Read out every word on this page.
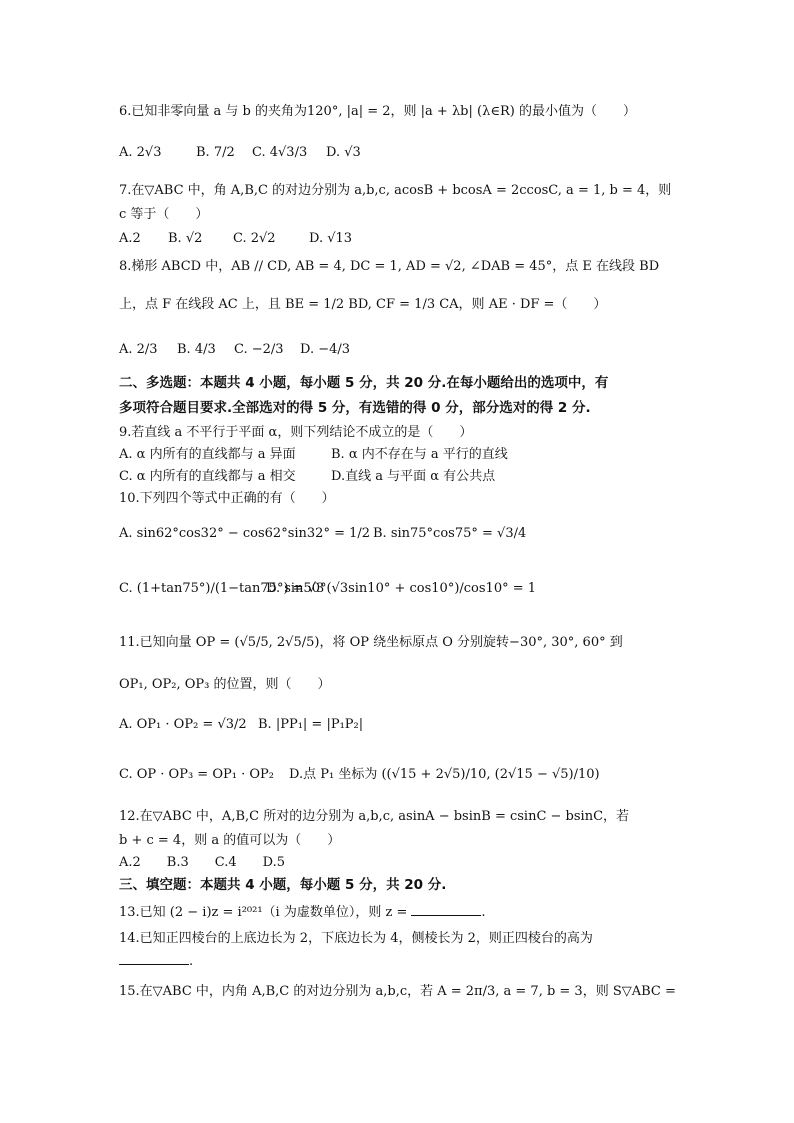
6.已知非零向量 a 与 b 的夹角为120°, |a| = 2，则 |a + λb| (λ∈R) 的最小值为（　　）
A. 2√3	B. 7/2 C. 4√3/3 D. √3
7.在▽ABC 中，角 A,B,C 的对边分别为 a,b,c, acosB + bcosA = 2ccosC, a = 1, b = 4，则
c 等于（　　）
A.2 B. √2 C. 2√2	D. √13
8.梯形 ABCD 中，AB // CD, AB = 4, DC = 1, AD = √2, ∠DAB = 45°，点 E 在线段 BD
上，点 F 在线段 AC 上，且 BE = 1/2 BD, CF = 1/3 CA，则 AE · DF =（　　）
A. 2/3 B. 4/3 C. −2/3 D. −4/3
二、多选题：本题共 4 小题，每小题 5 分，共 20 分.在每小题给出的选项中，有
多项符合题目要求.全部选对的得 5 分，有选错的得 0 分，部分选对的得 2 分.
9.若直线 a 不平行于平面 α，则下列结论不成立的是（　　）
A. α 内所有的直线都与 a 异面	B. α 内不存在与 a 平行的直线
C. α 内所有的直线都与 a 相交	D.直线 a 与平面 α 有公共点
10.下列四个等式中正确的有（　　）
A. sin62°cos32° − cos62°sin32° = 1/2 B. sin75°cos75° = √3/4
C. (1+tan75°)/(1−tan75°) = √3
D. sin50°(√3sin10° + cos10°)/cos10° = 1
11.已知向量 OP = (√5/5, 2√5/5)，将 OP 绕坐标原点 O 分别旋转−30°, 30°, 60° 到
OP₁, OP₂, OP₃ 的位置，则（　　）
A. OP₁ · OP₂ = √3/2 B. |PP₁| = |P₁P₂|
C. OP · OP₃ = OP₁ · OP₂ D.点 P₁ 坐标为 ((√15 + 2√5)/10, (2√15 − √5)/10)
12.在▽ABC 中，A,B,C 所对的边分别为 a,b,c, asinA − bsinB = csinC − bsinC，若
b + c = 4，则 a 的值可以为（　　）
A.2　　B.3　　C.4　　D.5
三、填空题：本题共 4 小题，每小题 5 分，共 20 分.
13.已知 (2 − i)z = i²⁰²¹（i 为虚数单位），则 z =	.
14.已知正四棱台的上底边长为 2，下底边长为 4，侧棱长为 2，则正四棱台的高为
.
15.在▽ABC 中，内角 A,B,C 的对边分别为 a,b,c，若 A = 2π/3, a = 7, b = 3，则 S▽ABC =
